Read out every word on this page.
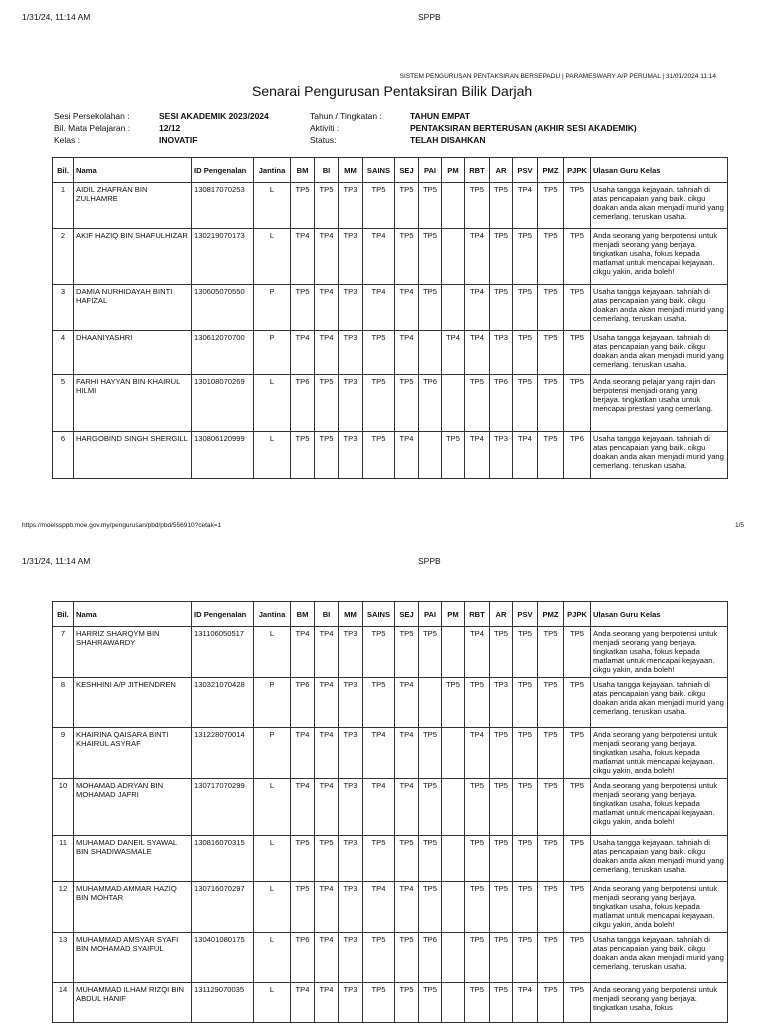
1/31/24, 11:14 AM	SPPB
SISTEM PENGURUSAN PENTAKSIRAN BERSEPADU | PARAMESWARY A/P PERUMAL | 31/01/2024 11:14
Senarai Pengurusan Pentaksiran Bilik Darjah
Sesi Persekolahan :	SESI AKADEMIK 2023/2024
Bil. Mata Pelajaran :	12/12
Kelas :	INOVATIF
Tahun / Tingkatan :	TAHUN EMPAT
Aktiviti :	PENTAKSIRAN BERTERUSAN (AKHIR SESI AKADEMIK)
Status:	TELAH DISAHKAN
Bil.	Nama	ID Pengenalan	Jantina	BM	BI	MM	SAINS	SEJ	PAI	PM	RBT	AR	PSV	PMZ	PJPK	Ulasan Guru Kelas
1	AIDIL ZHAFRAN BIN ZULHAMRE	130817070253	L	TP5	TP5	TP3	TP5	TP5	TP5		TP5	TP5	TP4	TP5	TP5	Usaha tangga kejayaan. tahniah di atas pencapaian yang baik. cikgu doakan anda akan menjadi murid yang cemerlang. teruskan usaha.
2	AKIF HAZIQ BIN SHAFULHIZAR	130219070173	L	TP4	TP4	TP3	TP4	TP5	TP5		TP4	TP5	TP5	TP5	TP5	Anda seorang yang berpotensi untuk menjadi seorang yang berjaya. tingkatkan usaha, fokus kepada matlamat untuk mencapai kejayaan. cikgu yakin, anda boleh!
3	DAMIA NURHIDAYAH BINTI HAFIZAL	130605070550	P	TP5	TP4	TP3	TP4	TP4	TP5		TP4	TP5	TP5	TP5	TP5	Usaha tangga kejayaan. tahniah di atas pencapaian yang baik. cikgu doakan anda akan menjadi murid yang cemerlang. teruskan usaha.
4	DHAANIYASHRI	130612070700	P	TP4	TP4	TP3	TP5	TP4		TP4	TP4	TP3	TP5	TP5	TP5	Usaha tangga kejayaan. tahniah di atas pencapaian yang baik. cikgu doakan anda akan menjadi murid yang cemerlang. teruskan usaha.
5	FARHI HAYYAN BIN KHAIRUL HILMI	130108070269	L	TP6	TP5	TP3	TP5	TP5	TP6		TP5	TP6	TP5	TP5	TP5	Anda seorang pelajar yang rajin dan berpotensi menjadi orang yang berjaya. tingkatkan usaha untuk mencapai prestasi yang cemerlang.
6	HARGOBIND SINGH SHERGILL	130806120999	L	TP5	TP5	TP3	TP5	TP4		TP5	TP4	TP3	TP4	TP5	TP6	Usaha tangga kejayaan. tahniah di atas pencapaian yang baik. cikgu doakan anda akan menjadi murid yang cemerlang. teruskan usaha.
https://moelssppb.moe.gov.my/pengurusan/pbd/pbd/556910?cetak=1	1/5
1/31/24, 11:14 AM	SPPB
Bil.	Nama	ID Pengenalan	Jantina	BM	BI	MM	SAINS	SEJ	PAI	PM	RBT	AR	PSV	PMZ	PJPK	Ulasan Guru Kelas
7	HARRIZ SHARQYM BIN SHAHRAWARDY	131106050517	L	TP4	TP4	TP3	TP5	TP5	TP5		TP4	TP5	TP5	TP5	TP5	Anda seorang yang berpotensi untuk menjadi seorang yang berjaya. tingkatkan usaha, fokus kepada matlamat untuk mencapai kejayaan. cikgu yakin, anda boleh!
8	KESHHINI A/P JITHENDREN	130321070428	P	TP6	TP4	TP3	TP5	TP4		TP5	TP5	TP3	TP5	TP5	TP5	Usaha tangga kejayaan. tahniah di atas pencapaian yang baik. cikgu doakan anda akan menjadi murid yang cemerlang. teruskan usaha.
9	KHAIRINA QAISARA BINTI KHAIRUL ASYRAF	131228070014	P	TP4	TP4	TP3	TP4	TP4	TP5		TP4	TP5	TP5	TP5	TP5	Anda seorang yang berpotensi untuk menjadi seorang yang berjaya. tingkatkan usaha, fokus kepada matlamat untuk mencapai kejayaan. cikgu yakin, anda boleh!
10	MOHAMAD ADRYAN BIN MOHAMAD JAFRI	130717070299	L	TP4	TP4	TP3	TP4	TP4	TP5		TP5	TP5	TP5	TP5	TP5	Anda seorang yang berpotensi untuk menjadi seorang yang berjaya. tingkatkan usaha, fokus kepada matlamat untuk mencapai kejayaan. cikgu yakin, anda boleh!
11	MUHAMAD DANEIL SYAWAL BIN SHADIWASMALE	130816070315	L	TP5	TP5	TP3	TP5	TP5	TP5		TP5	TP5	TP5	TP5	TP5	Usaha tangga kejayaan. tahniah di atas pencapaian yang baik. cikgu doakan anda akan menjadi murid yang cemerlang. teruskan usaha.
12	MUHAMMAD AMMAR HAZIQ BIN MOHTAR	130716070297	L	TP5	TP4	TP3	TP4	TP4	TP5		TP5	TP5	TP5	TP5	TP5	Anda seorang yang berpotensi untuk menjadi seorang yang berjaya. tingkatkan usaha, fokus kepada matlamat untuk mencapai kejayaan. cikgu yakin, anda boleh!
13	MUHAMMAD AMSYAR SYAFI BIN MOHAMAD SYAIFUL	130401080175	L	TP6	TP4	TP3	TP5	TP5	TP6		TP5	TP5	TP5	TP5	TP5	Usaha tangga kejayaan. tahniah di atas pencapaian yang baik. cikgu doakan anda akan menjadi murid yang cemerlang. teruskan usaha.
14	MUHAMMAD ILHAM RIZQI BIN ABDUL HANIF	131129070035	L	TP4	TP4	TP3	TP5	TP5	TP5		TP5	TP5	TP4	TP5	TP5	Anda seorang yang berpotensi untuk menjadi seorang yang berjaya. tingkatkan usaha, fokus
